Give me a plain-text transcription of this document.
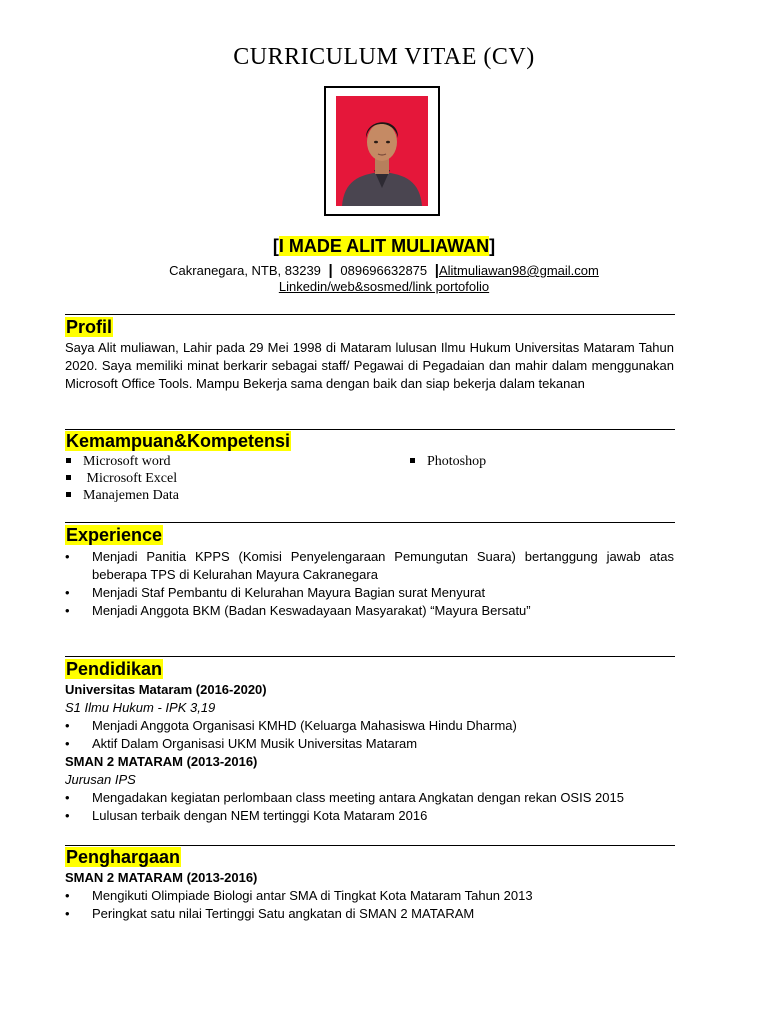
CURRICULUM VITAE (CV)
[I MADE ALIT MULIAWAN]
Cakranegara, NTB, 83239 | 089696632875 |Alitmuliawan98@gmail.com
Linkedin/web&sosmed/link portofolio
Profil
Saya Alit muliawan, Lahir pada 29 Mei 1998 di Mataram lulusan Ilmu Hukum Universitas Mataram Tahun 2020. Saya memiliki minat berkarir sebagai staff/ Pegawai di Pegadaian dan mahir dalam menggunakan Microsoft Office Tools. Mampu Bekerja sama dengan baik dan siap bekerja dalam tekanan
Kemampuan&Kompetensi
Microsoft word
Microsoft Excel
Manajemen Data
Photoshop
Experience
•	Menjadi Panitia KPPS (Komisi Penyelengaraan Pemungutan Suara) bertanggung jawab atas beberapa TPS di Kelurahan Mayura Cakranegara
•	Menjadi Staf Pembantu di Kelurahan Mayura Bagian surat Menyurat
•	Menjadi Anggota BKM (Badan Keswadayaan Masyarakat) “Mayura Bersatu”
Pendidikan
Universitas Mataram (2016-2020)
S1 Ilmu Hukum - IPK 3,19
•	Menjadi Anggota Organisasi KMHD (Keluarga Mahasiswa Hindu Dharma)
•	Aktif Dalam Organisasi UKM Musik Universitas Mataram
SMAN 2 MATARAM (2013-2016)
Jurusan IPS
•	Mengadakan kegiatan perlombaan class meeting antara Angkatan dengan rekan OSIS 2015
•	Lulusan terbaik dengan NEM tertinggi Kota Mataram 2016
Penghargaan
SMAN 2 MATARAM (2013-2016)
•	Mengikuti Olimpiade Biologi antar SMA di Tingkat Kota Mataram Tahun 2013
•	Peringkat satu nilai Tertinggi Satu angkatan di SMAN 2 MATARAM
